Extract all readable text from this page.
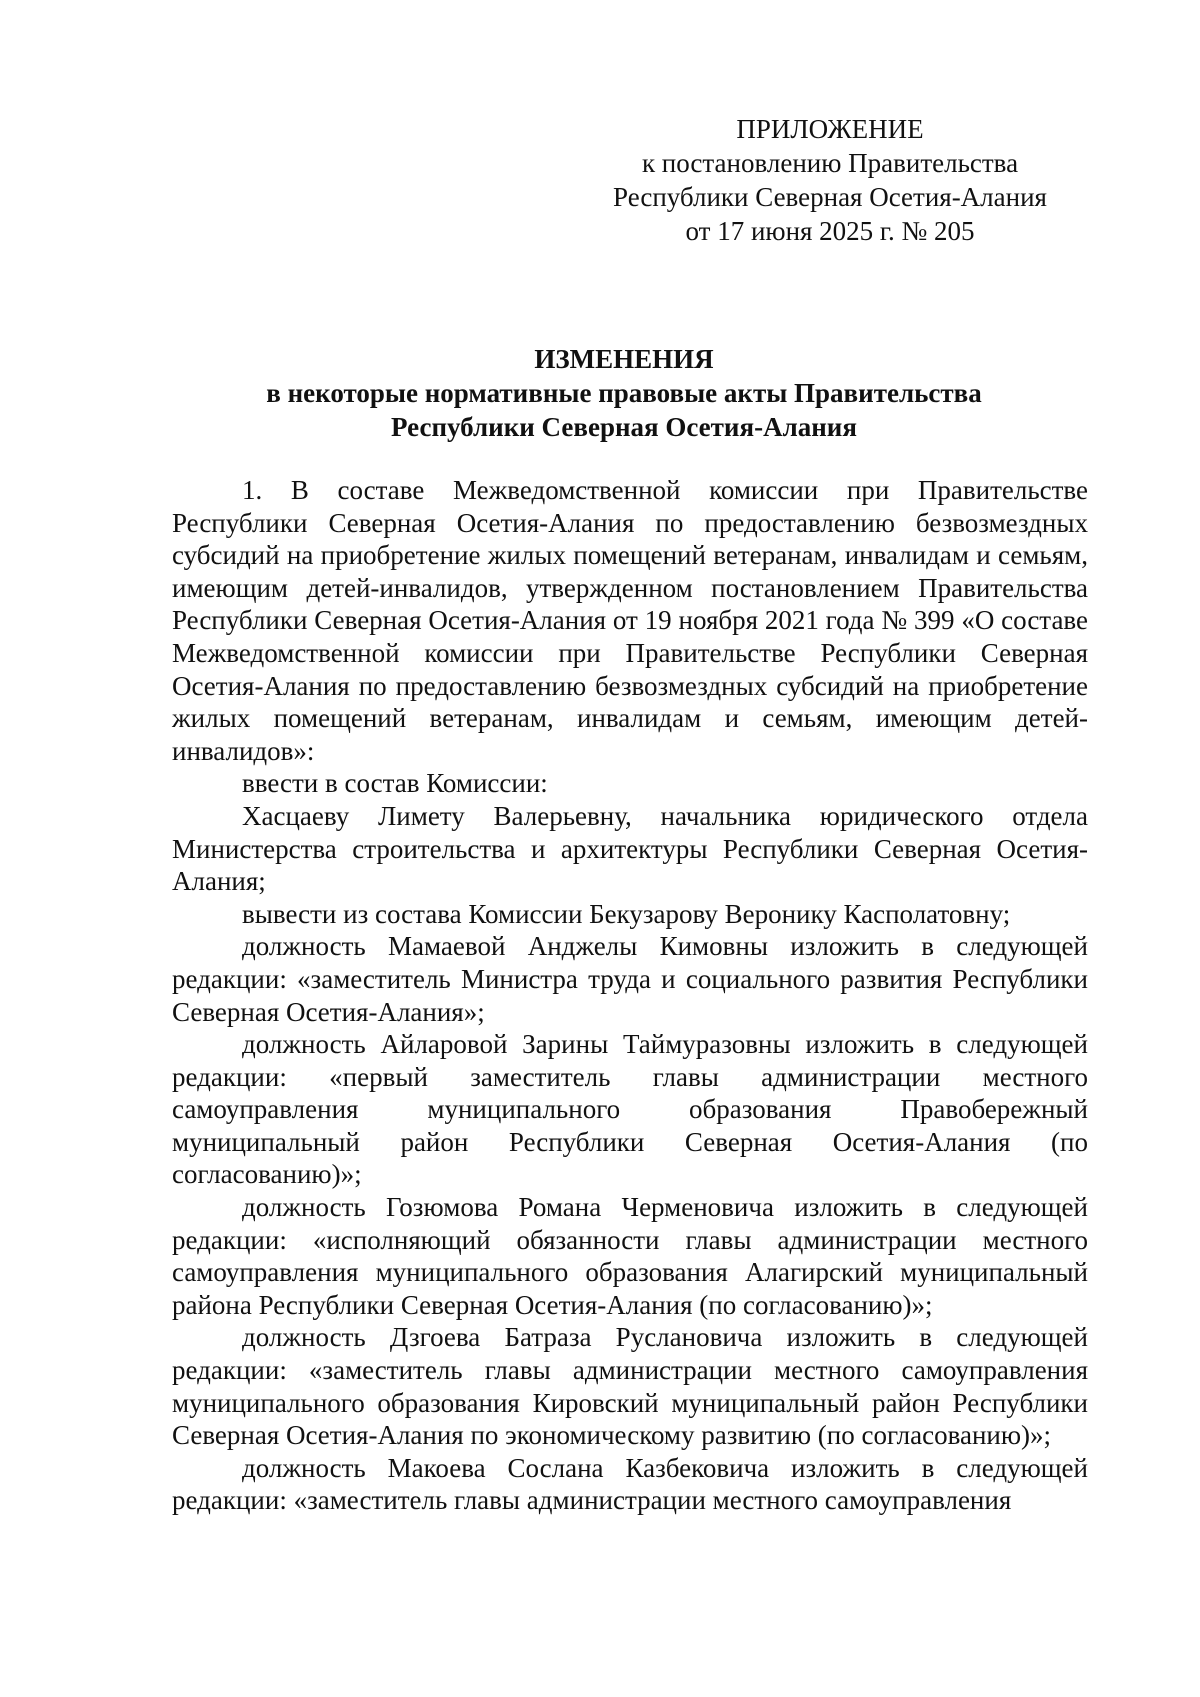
ПРИЛОЖЕНИЕ
к постановлению Правительства
Республики Северная Осетия-Алания
от 17 июня 2025 г. № 205
ИЗМЕНЕНИЯ
в некоторые нормативные правовые акты Правительства
Республики Северная Осетия-Алания

1. В составе Межведомственной комиссии при Правительстве Республики Северная Осетия-Алания по предоставлению безвозмездных субсидий на приобретение жилых помещений ветеранам, инвалидам и семьям, имеющим детей-инвалидов, утвержденном постановлением Правительства Республики Северная Осетия-Алания от 19 ноября 2021 года № 399 «О составе Межведомственной комиссии при Правительстве Республики Северная Осетия-Алания по предоставлению безвозмездных субсидий на приобретение жилых помещений ветеранам, инвалидам и семьям, имеющим детей-инвалидов»:

ввести в состав Комиссии:

Хасцаеву Лимету Валерьевну, начальника юридического отдела Министерства строительства и архитектуры Республики Северная Осетия-Алания;

вывести из состава Комиссии Бекузарову Веронику Касполатовну;

должность Мамаевой Анджелы Кимовны изложить в следующей редакции: «заместитель Министра труда и социального развития Республики Северная Осетия-Алания»;

должность Айларовой Зарины Таймуразовны изложить в следующей редакции: «первый заместитель главы администрации местного самоуправления муниципального образования Правобережный муниципальный район Республики Северная Осетия-Алания (по согласованию)»;

должность Гозюмова Романа Черменовича изложить в следующей редакции: «исполняющий обязанности главы администрации местного самоуправления муниципального образования Алагирский муниципальный района Республики Северная Осетия-Алания (по согласованию)»;

должность Дзгоева Батраза Руслановича изложить в следующей редакции: «заместитель главы администрации местного самоуправления муниципального образования Кировский муниципальный район Республики Северная Осетия-Алания по экономическому развитию (по согласованию)»;

должность Макоева Сослана Казбековича изложить в следующей редакции: «заместитель главы администрации местного самоуправления
